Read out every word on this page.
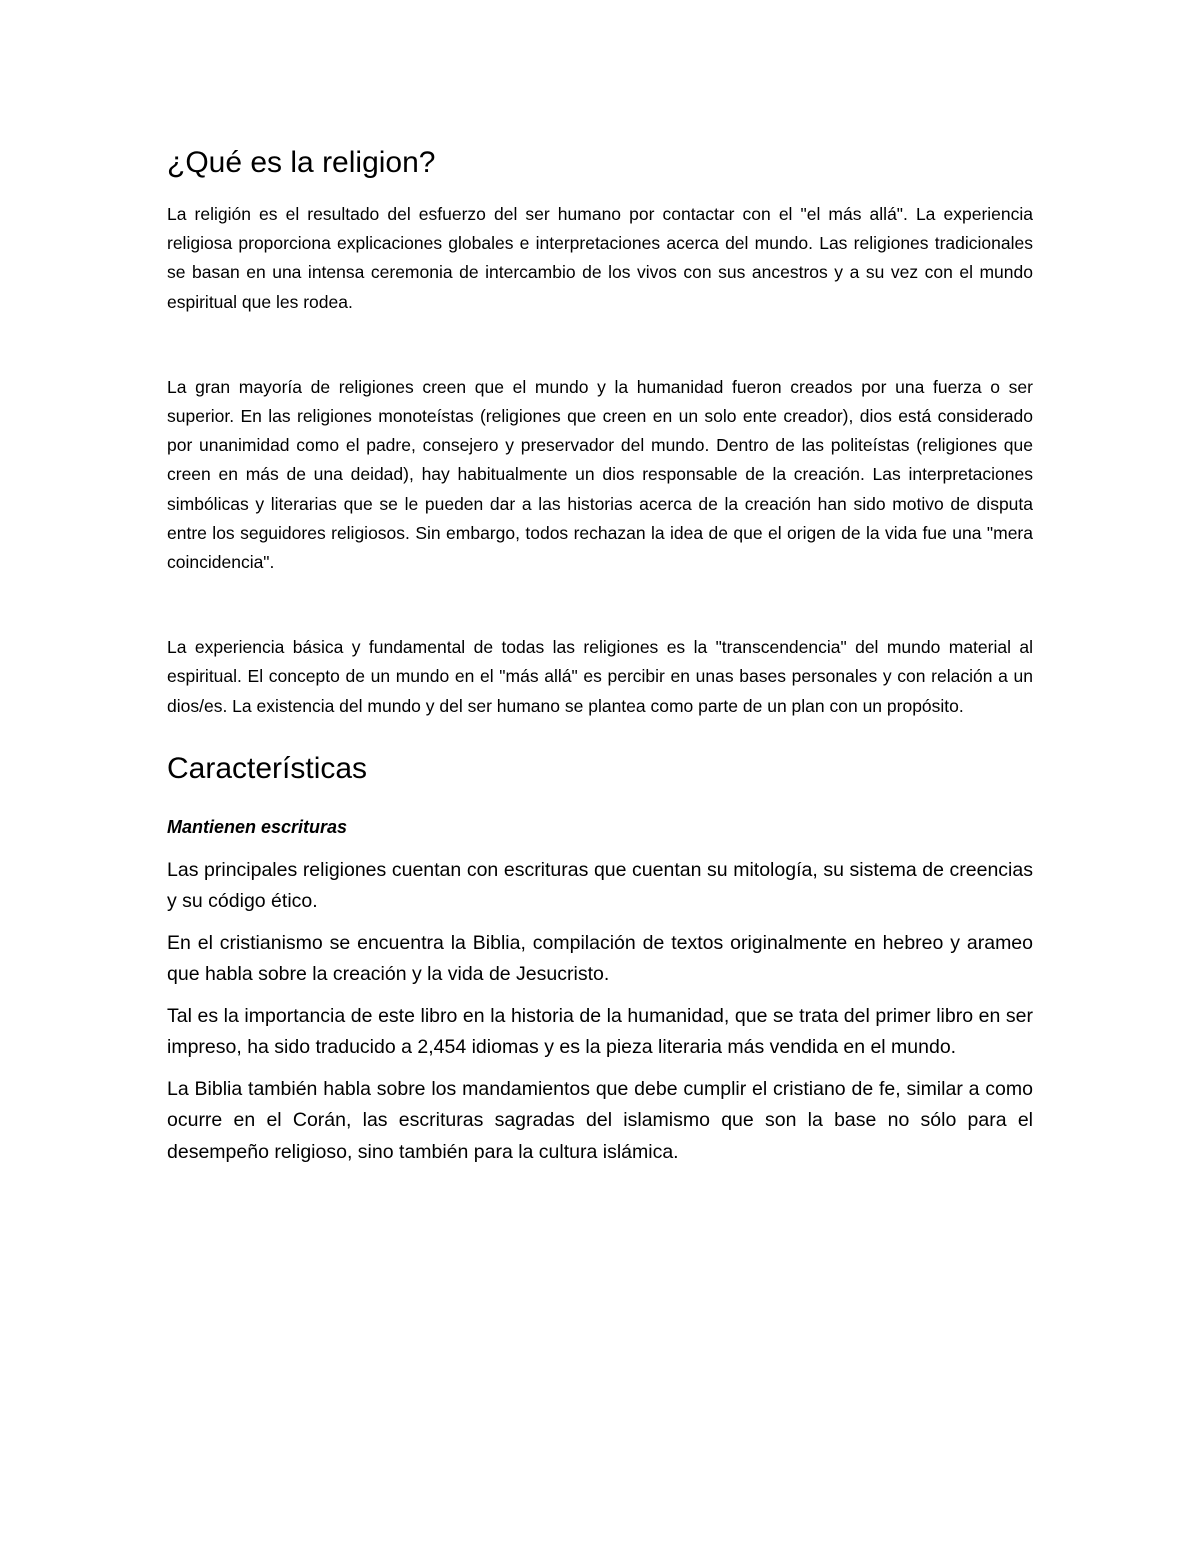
¿Qué es la religion?

La religión es el resultado del esfuerzo del ser humano por contactar con el "el más allá". La experiencia religiosa proporciona explicaciones globales e interpretaciones acerca del mundo. Las religiones tradicionales se basan en una intensa ceremonia de intercambio de los vivos con sus ancestros y a su vez con el mundo espiritual que les rodea.

La gran mayoría de religiones creen que el mundo y la humanidad fueron creados por una fuerza o ser superior. En las religiones monoteístas (religiones que creen en un solo ente creador), dios está considerado por unanimidad como el padre, consejero y preservador del mundo. Dentro de las politeístas (religiones que creen en más de una deidad), hay habitualmente un dios responsable de la creación. Las interpretaciones simbólicas y literarias que se le pueden dar a las historias acerca de la creación han sido motivo de disputa entre los seguidores religiosos. Sin embargo, todos rechazan la idea de que el origen de la vida fue una "mera coincidencia".

La experiencia básica y fundamental de todas las religiones es la "transcendencia" del mundo material al espiritual. El concepto de un mundo en el "más allá" es percibir en unas bases personales y con relación a un dios/es. La existencia del mundo y del ser humano se plantea como parte de un plan con un propósito.

Características
Mantienen escrituras

Las principales religiones cuentan con escrituras que cuentan su mitología, su sistema de creencias y su código ético.

En el cristianismo se encuentra la Biblia, compilación de textos originalmente en hebreo y arameo que habla sobre la creación y la vida de Jesucristo.

Tal es la importancia de este libro en la historia de la humanidad, que se trata del primer libro en ser impreso, ha sido traducido a 2,454 idiomas y es la pieza literaria más vendida en el mundo.

La Biblia también habla sobre los mandamientos que debe cumplir el cristiano de fe, similar a como ocurre en el Corán, las escrituras sagradas del islamismo que son la base no sólo para el desempeño religioso, sino también para la cultura islámica.
